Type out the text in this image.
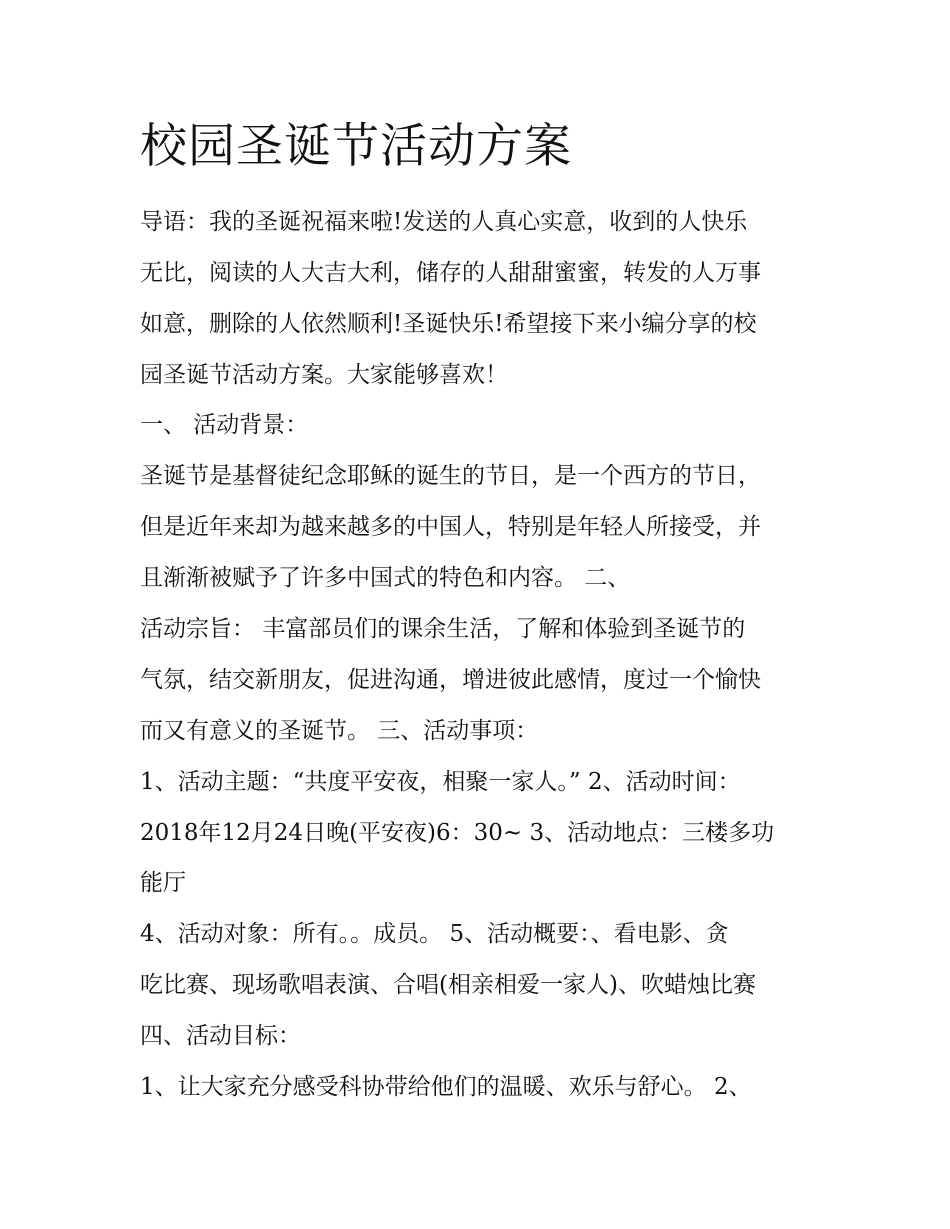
校园圣诞节活动方案
导语：我的圣诞祝福来啦!发送的人真心实意，收到的人快乐
无比，阅读的人大吉大利，储存的人甜甜蜜蜜，转发的人万事
如意，删除的人依然顺利!圣诞快乐!希望接下来小编分享的校
园圣诞节活动方案。大家能够喜欢！
一、 活动背景：
圣诞节是基督徒纪念耶稣的诞生的节日，是一个西方的节日，
但是近年来却为越来越多的中国人，特别是年轻人所接受，并
且渐渐被赋予了许多中国式的特色和内容。 二、
活动宗旨： 丰富部员们的课余生活，了解和体验到圣诞节的
气氛，结交新朋友，促进沟通，增进彼此感情，度过一个愉快
而又有意义的圣诞节。 三、活动事项：
1、活动主题：“共度平安夜，相聚一家人。” 2、活动时间：
2018年12月24日晚(平安夜)6：30~ 3、活动地点：三楼多功
能厅
4、活动对象：所有。。成员。 5、活动概要：、看电影、贪
吃比赛、现场歌唱表演、合唱(相亲相爱一家人)、吹蜡烛比赛
四、活动目标：
1、让大家充分感受科协带给他们的温暖、欢乐与舒心。 2、
